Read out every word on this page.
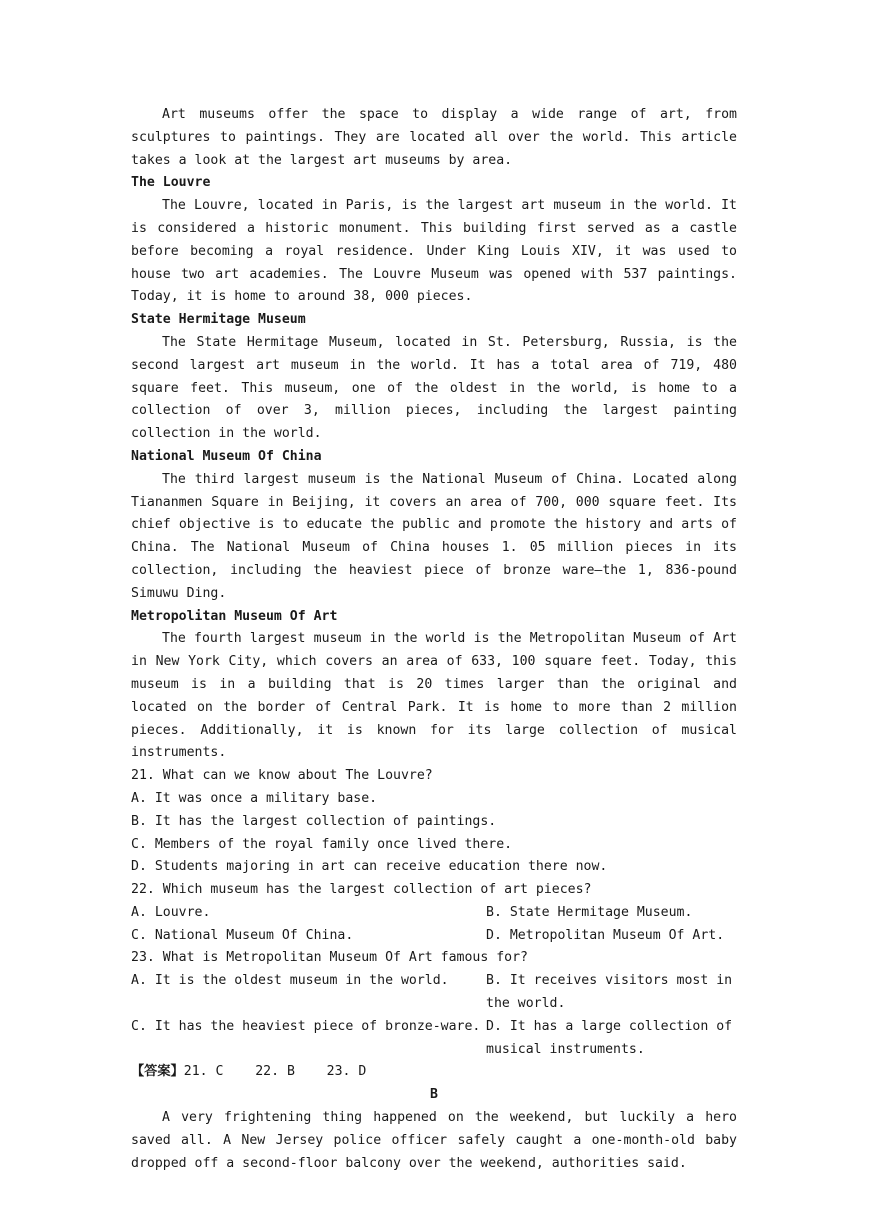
Art museums offer the space to display a wide range of art, from sculptures to paintings. They are located all over the world. This article takes a look at the largest art museums by area.

The Louvre

The Louvre, located in Paris, is the largest art museum in the world. It is considered a historic monument. This building first served as a castle before becoming a royal residence. Under King Louis XIV, it was used to house two art academies. The Louvre Museum was opened with 537 paintings. Today, it is home to around 38, 000 pieces.

State Hermitage Museum

The State Hermitage Museum, located in St. Petersburg, Russia, is the second largest art museum in the world. It has a total area of 719, 480 square feet. This museum, one of the oldest in the world, is home to a collection of over 3, million pieces, including the largest painting collection in the world.

National Museum Of China

The third largest museum is the National Museum of China. Located along Tiananmen Square in Beijing, it covers an area of 700, 000 square feet. Its chief objective is to educate the public and promote the history and arts of China. The National Museum of China houses 1. 05 million pieces in its collection, including the heaviest piece of bronze ware—the 1, 836-pound Simuwu Ding.

Metropolitan Museum Of Art

The fourth largest museum in the world is the Metropolitan Museum of Art in New York City, which covers an area of 633, 100 square feet. Today, this museum is in a building that is 20 times larger than the original and located on the border of Central Park. It is home to more than 2 million pieces. Additionally, it is known for its large collection of musical instruments.

21. What can we know about The Louvre?
A. It was once a military base.
B. It has the largest collection of paintings.
C. Members of the royal family once lived there.
D. Students majoring in art can receive education there now.
22. Which museum has the largest collection of art pieces?
A. Louvre.	B. State Hermitage Museum.
C. National Museum Of China.	D. Metropolitan Museum Of Art.
23. What is Metropolitan Museum Of Art famous for?
A. It is the oldest museum in the world.	B. It receives visitors most in the world.
C. It has the heaviest piece of bronze-ware. D. It has a large collection of musical instruments.
【答案】21. C    22. B    23. D
B

A very frightening thing happened on the weekend, but luckily a hero saved all. A New Jersey police officer safely caught a one-month-old baby dropped off a second-floor balcony over the weekend, authorities said.
